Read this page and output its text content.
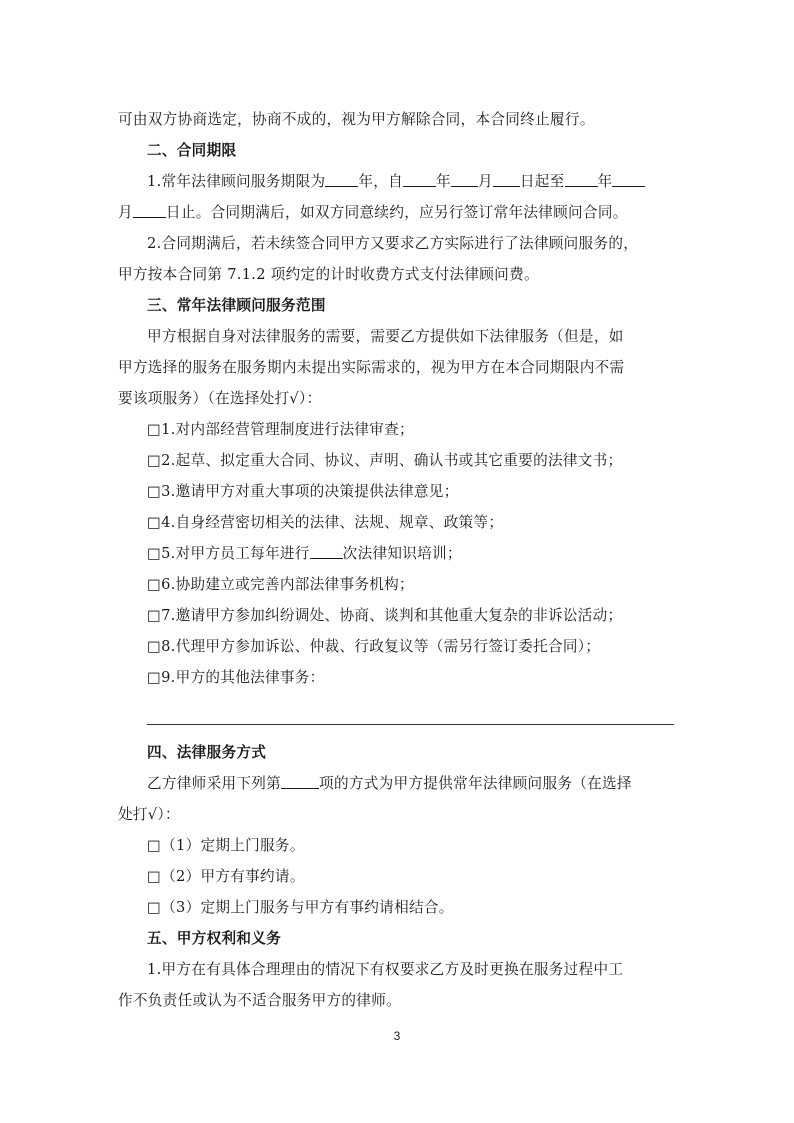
可由双方协商选定，协商不成的，视为甲方解除合同，本合同终止履行。

二、合同期限

1.常年法律顾问服务期限为 年，自 年 月 日起至 年

月 日止。合同期满后，如双方同意续约，应另行签订常年法律顾问合同。

2.合同期满后，若未续签合同甲方又要求乙方实际进行了法律顾问服务的，

甲方按本合同第 7.1.2 项约定的计时收费方式支付法律顾问费。

三、常年法律顾问服务范围

甲方根据自身对法律服务的需要，需要乙方提供如下法律服务（但是，如

甲方选择的服务在服务期内未提出实际需求的，视为甲方在本合同期限内不需

要该项服务）（在选择处打√）：

□1.对内部经营管理制度进行法律审查；

□2.起草、拟定重大合同、协议、声明、确认书或其它重要的法律文书；

□3.邀请甲方对重大事项的决策提供法律意见；

□4.自身经营密切相关的法律、法规、规章、政策等；

□5.对甲方员工每年进行 次法律知识培训；

□6.协助建立或完善内部法律事务机构；

□7.邀请甲方参加纠纷调处、协商、谈判和其他重大复杂的非诉讼活动；

□8.代理甲方参加诉讼、仲裁、行政复议等（需另行签订委托合同）；

□9.甲方的其他法律事务：

四、法律服务方式

乙方律师采用下列第	项的方式为甲方提供常年法律顾问服务（在选择

处打√）：

□（1）定期上门服务。

□（2）甲方有事约请。

□（3）定期上门服务与甲方有事约请相结合。

五、甲方权利和义务

1.甲方在有具体合理理由的情况下有权要求乙方及时更换在服务过程中工

作不负责任或认为不适合服务甲方的律师。

3
